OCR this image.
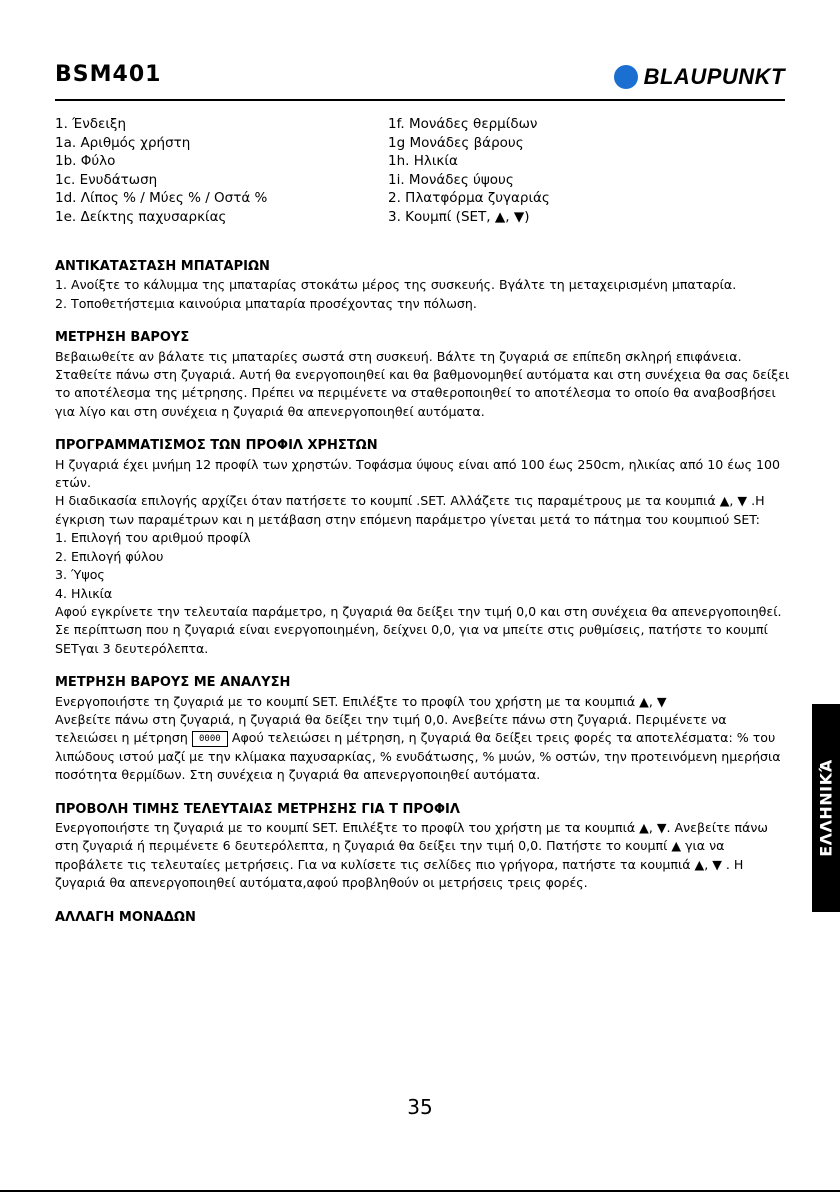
BSM401	BLAUPUNKT
1. Ένδειξη
1a. Αριθμός χρήστη
1b. Φύλο
1c. Ενυδάτωση
1d. Λίπος % / Μύες % / Οστά %
1e. Δείκτης παχυσαρκίας
1f. Μονάδες θερμίδων
1g Μονάδες βάρους
1h. Ηλικία
1i. Μονάδες ύψους
2. Πλατφόρμα ζυγαριάς
3. Κουμπί (SET, ▲, ▼)
ΑΝΤΙΚΑΤΑΣΤΑΣΗ ΜΠΑΤΑΡΙΩΝ

1. Ανοίξτε το κάλυμμα της μπαταρίας στοκάτω μέρος της συσκευής. Βγάλτε τη μεταχειρισμένη μπαταρία.

2. Τοποθετήστεμια καινούρια μπαταρία προσέχοντας την πόλωση.

ΜΕΤΡΗΣΗ ΒΑΡΟΥΣ

Βεβαιωθείτε αν βάλατε τις μπαταρίες σωστά στη συσκευή. Βάλτε τη ζυγαριά σε επίπεδη σκληρή επιφάνεια.

Σταθείτε πάνω στη ζυγαριά. Αυτή θα ενεργοποιηθεί και θα βαθμονομηθεί αυτόματα και στη συνέχεια θα σας δείξει το αποτέλεσμα της μέτρησης. Πρέπει να περιμένετε να σταθεροποιηθεί το αποτέλεσμα το οποίο θα αναβοσβήσει για λίγο και στη συνέχεια η ζυγαριά θα απενεργοποιηθεί αυτόματα.

ΠΡΟΓΡΑΜΜΑΤΙΣΜΟΣ ΤΩΝ ΠΡΟΦΙΛ ΧΡΗΣΤΩΝ

Η ζυγαριά έχει μνήμη 12 προφίλ των χρηστών. Τοφάσμα ύψους είναι από 100 έως 250cm, ηλικίας από 10 έως 100 ετών.

Η διαδικασία επιλογής αρχίζει όταν πατήσετε το κουμπί .SET. Αλλάζετε τις παραμέτρους με τα κουμπιά ▲, ▼ .Η έγκριση των παραμέτρων και η μετάβαση στην επόμενη παράμετρο γίνεται μετά το πάτημα του κουμπιού SET:

1. Επιλογή του αριθμού προφίλ

2. Επιλογή φύλου

3. Ύψος

4. Ηλικία

Αφού εγκρίνετε την τελευταία παράμετρο, η ζυγαριά θα δείξει την τιμή 0,0 και στη συνέχεια θα απενεργοποιηθεί.

Σε περίπτωση που η ζυγαριά είναι ενεργοποιημένη, δείχνει 0,0, για να μπείτε στις ρυθμίσεις, πατήστε το κουμπί SETγαι 3 δευτερόλεπτα.

ΜΕΤΡΗΣΗ ΒΑΡΟΥΣ ΜΕ ΑΝΑΛΥΣΗ

Ενεργοποιήστε τη ζυγαριά με το κουμπί SET. Επιλέξτε το προφίλ του χρήστη με τα κουμπιά ▲, ▼

Ανεβείτε πάνω στη ζυγαριά, η ζυγαριά θα δείξει την τιμή 0,0. Ανεβείτε πάνω στη ζυγαριά. Περιμένετε να τελειώσει η μέτρηση 0000 Αφού τελειώσει η μέτρηση, η ζυγαριά θα δείξει τρεις φορές τα αποτελέσματα: % του λιπώδους ιστού μαζί με την κλίμακα παχυσαρκίας, % ενυδάτωσης, % μυών, % οστών, την προτεινόμενη ημερήσια ποσότητα θερμίδων. Στη συνέχεια η ζυγαριά θα απενεργοποιηθεί αυτόματα.

ΠΡΟΒΟΛΗ ΤΙΜΗΣ ΤΕΛΕΥΤΑΙΑΣ ΜΕΤΡΗΣΗΣ ΓΙΑ Τ ΠΡΟΦΙΛ

Ενεργοποιήστε τη ζυγαριά με το κουμπί SET. Επιλέξτε το προφίλ του χρήστη με τα κουμπιά ▲, ▼. Ανεβείτε πάνω στη ζυγαριά ή περιμένετε 6 δευτερόλεπτα, η ζυγαριά θα δείξει την τιμή 0,0. Πατήστε το κουμπί ▲ για να προβάλετε τις τελευταίες μετρήσεις. Για να κυλίσετε τις σελίδες πιο γρήγορα, πατήστε τα κουμπιά ▲, ▼ . Η ζυγαριά θα απενεργοποιηθεί αυτόματα,αφού προβληθούν οι μετρήσεις τρεις φορές.

ΑΛΛΑΓΗ ΜΟΝΑΔΩΝ
35
ΕΛΛΗΝΙΚΆ
